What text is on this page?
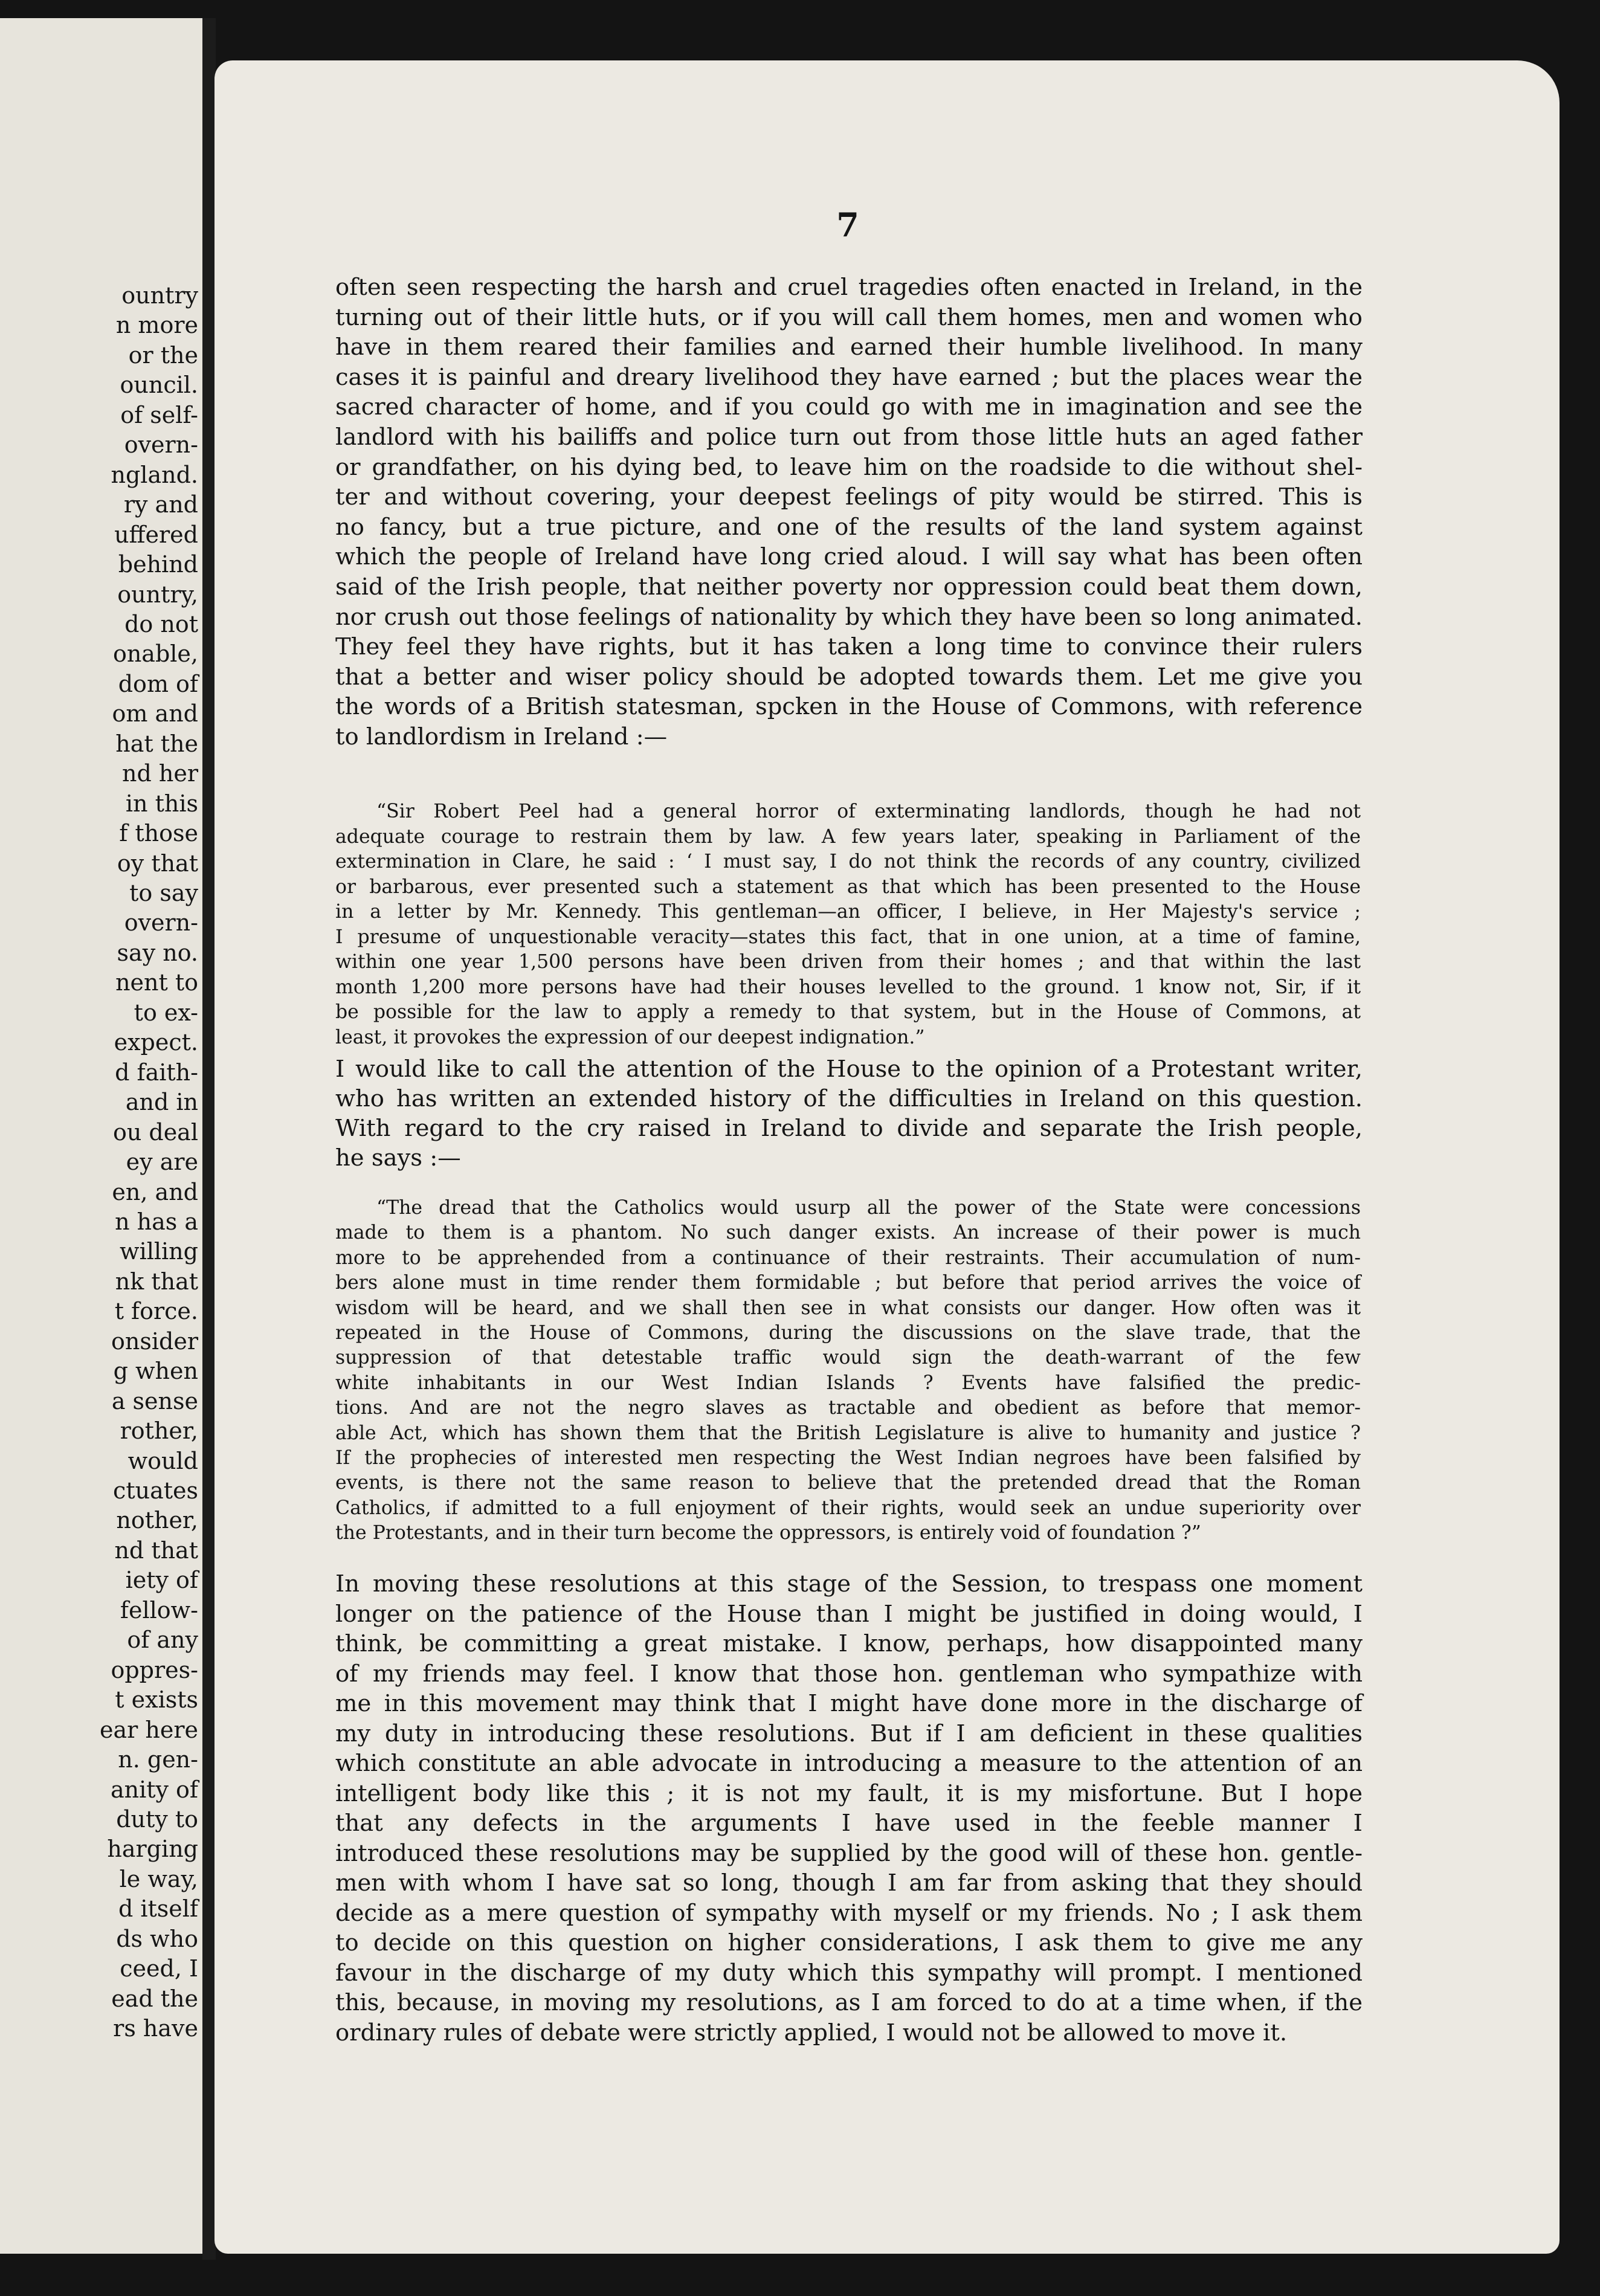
ountry
n more
or the
ouncil.
of self-
overn-
ngland.
ry and
uffered
behind
ountry,
do not
onable,
dom of
om and
hat the
nd her
in this
f those
oy that
to say
overn-
say no.
nent to
to ex-
expect.
d faith-
and in
ou deal
ey are
en, and
n has a
willing
nk that
t force.
onsider
g when
a sense
rother,
would
ctuates
nother,
nd that
iety of
fellow-
of any
oppres-
t exists
ear here
n. gen-
anity of
duty to
harging
le way,
d itself
ds who
ceed, I
ead the
rs have
7
often seen respecting the harsh and cruel tragedies often enacted in Ireland, in the
turning out of their little huts, or if you will call them homes, men and women who
have in them reared their families and earned their humble livelihood. In many
cases it is painful and dreary livelihood they have earned ; but the places wear the
sacred character of home, and if you could go with me in imagination and see the
landlord with his bailiffs and police turn out from those little huts an aged father
or grandfather, on his dying bed, to leave him on the roadside to die without shel-
ter and without covering, your deepest feelings of pity would be stirred. This is
no fancy, but a true picture, and one of the results of the land system against
which the people of Ireland have long cried aloud. I will say what has been often
said of the Irish people, that neither poverty nor oppression could beat them down,
nor crush out those feelings of nationality by which they have been so long animated.
They feel they have rights, but it has taken a long time to convince their rulers
that a better and wiser policy should be adopted towards them. Let me give you
the words of a British statesman, spcken in the House of Commons, with reference
to landlordism in Ireland :—
“Sir Robert Peel had a general horror of exterminating landlords, though he had not
adequate courage to restrain them by law. A few years later, speaking in Parliament of the
extermination in Clare, he said : ‘ I must say, I do not think the records of any country, civilized
or barbarous, ever presented such a statement as that which has been presented to the House
in a letter by Mr. Kennedy. This gentleman—an officer, I believe, in Her Majesty's service ;
I presume of unquestionable veracity—states this fact, that in one union, at a time of famine,
within one year 1,500 persons have been driven from their homes ; and that within the last
month 1,200 more persons have had their houses levelled to the ground. 1 know not, Sir, if it
be possible for the law to apply a remedy to that system, but in the House of Commons, at
least, it provokes the expression of our deepest indignation.”
I would like to call the attention of the House to the opinion of a Protestant writer,
who has written an extended history of the difficulties in Ireland on this question.
With regard to the cry raised in Ireland to divide and separate the Irish people,
he says :—
“The dread that the Catholics would usurp all the power of the State were concessions
made to them is a phantom. No such danger exists. An increase of their power is much
more to be apprehended from a continuance of their restraints. Their accumulation of num-
bers alone must in time render them formidable ; but before that period arrives the voice of
wisdom will be heard, and we shall then see in what consists our danger. How often was it
repeated in the House of Commons, during the discussions on the slave trade, that the
suppression of that detestable traffic would sign the death-warrant of the few
white inhabitants in our West Indian Islands ? Events have falsified the predic-
tions. And are not the negro slaves as tractable and obedient as before that memor-
able Act, which has shown them that the British Legislature is alive to humanity and justice ?
If the prophecies of interested men respecting the West Indian negroes have been falsified by
events, is there not the same reason to believe that the pretended dread that the Roman
Catholics, if admitted to a full enjoyment of their rights, would seek an undue superiority over
the Protestants, and in their turn become the oppressors, is entirely void of foundation ?”
In moving these resolutions at this stage of the Session, to trespass one moment
longer on the patience of the House than I might be justified in doing would, I
think, be committing a great mistake. I know, perhaps, how disappointed many
of my friends may feel. I know that those hon. gentleman who sympathize with
me in this movement may think that I might have done more in the discharge of
my duty in introducing these resolutions. But if I am deficient in these qualities
which constitute an able advocate in introducing a measure to the attention of an
intelligent body like this ; it is not my fault, it is my misfortune. But I hope
that any defects in the arguments I have used in the feeble manner I
introduced these resolutions may be supplied by the good will of these hon. gentle-
men with whom I have sat so long, though I am far from asking that they should
decide as a mere question of sympathy with myself or my friends. No ; I ask them
to decide on this question on higher considerations, I ask them to give me any
favour in the discharge of my duty which this sympathy will prompt. I mentioned
this, because, in moving my resolutions, as I am forced to do at a time when, if the
ordinary rules of debate were strictly applied, I would not be allowed to move it.
